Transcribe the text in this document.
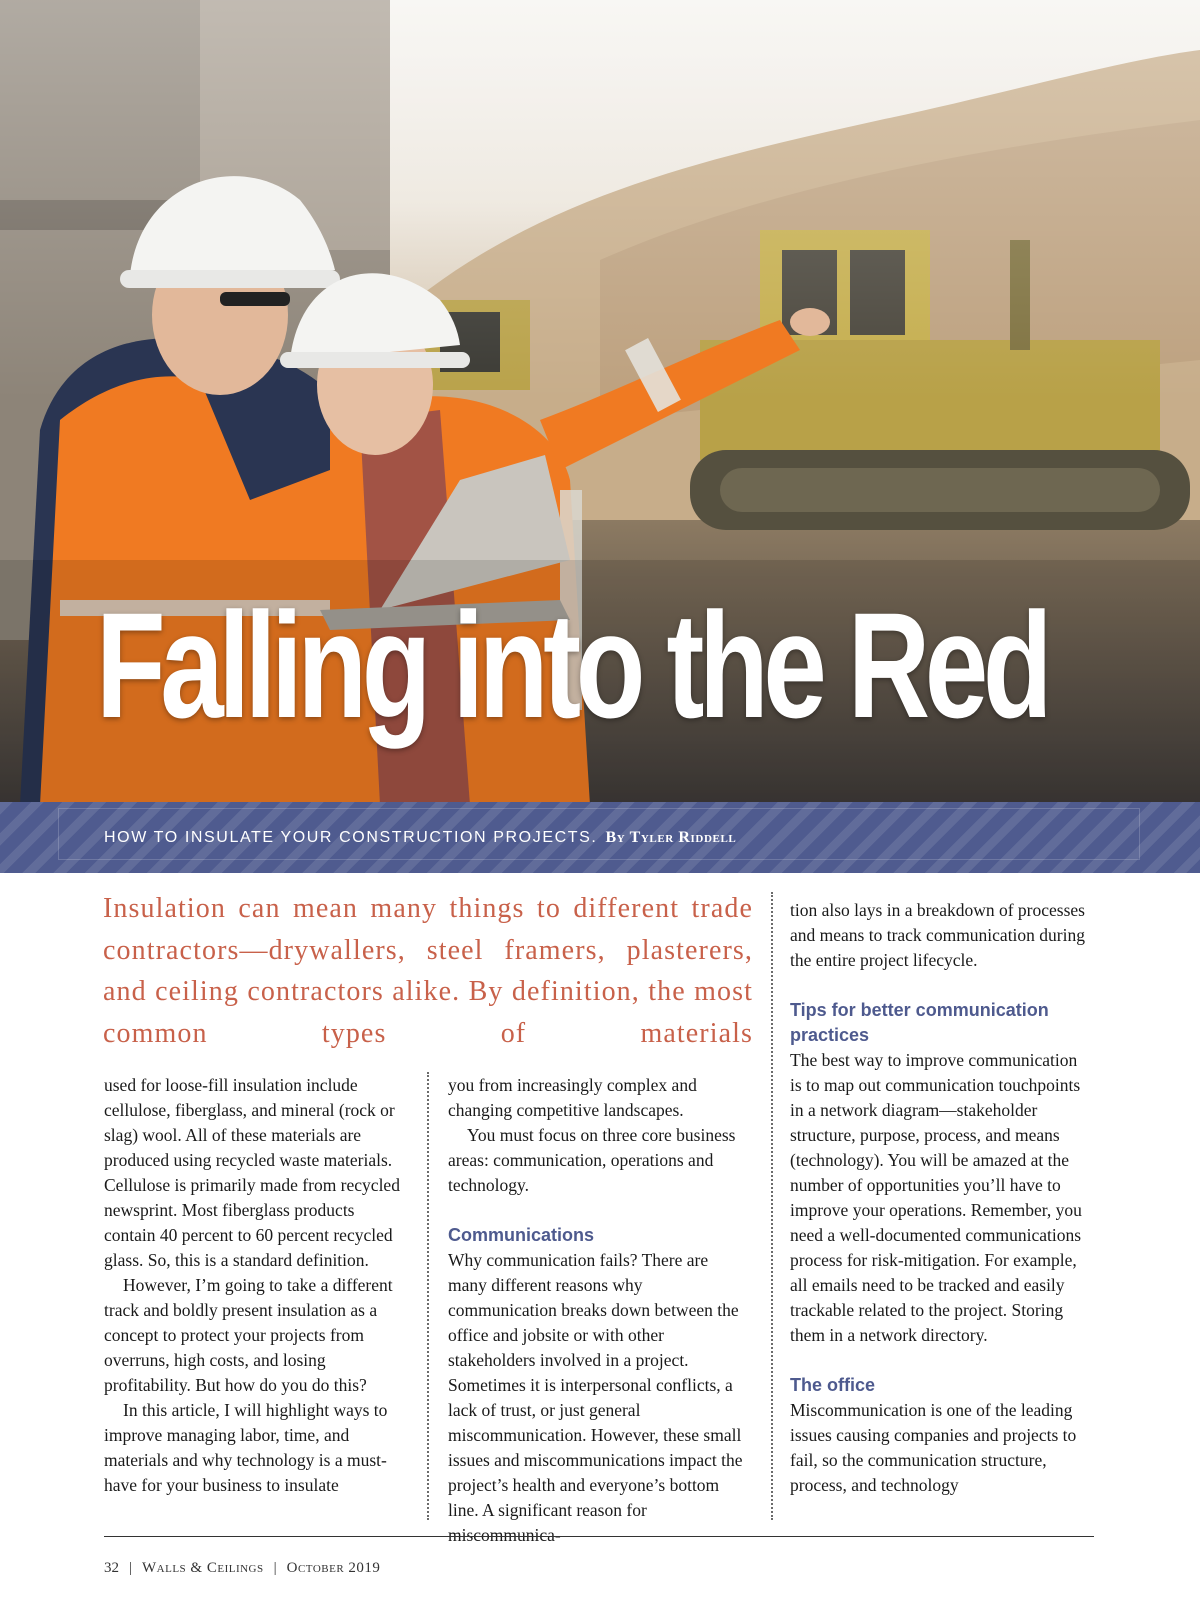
Falling into the Red

HOW TO INSULATE YOUR CONSTRUCTION PROJECTS. By Tyler Riddell

Insulation can mean many things to different trade contractors—drywallers, steel framers, plasterers, and ceiling contractors alike. By definition, the most common types of materials

used for loose-fill insulation include cellulose, fiberglass, and mineral (rock or slag) wool. All of these materials are produced using recycled waste materials. Cellulose is primarily made from recycled newsprint. Most fiberglass products contain 40 percent to 60 percent recycled glass. So, this is a standard definition.

However, I’m going to take a different track and boldly present insulation as a concept to protect your projects from overruns, high costs, and losing profitability. But how do you do this?

In this article, I will highlight ways to improve managing labor, time, and materials and why technology is a must-have for your business to insulate

you from increasingly complex and changing competitive landscapes.

You must focus on three core business areas: communication, operations and technology.

Communications

Why communication fails? There are many different reasons why communication breaks down between the office and jobsite or with other stakeholders involved in a project. Sometimes it is interpersonal conflicts, a lack of trust, or just general miscommunication. However, these small issues and miscommunications impact the project’s health and everyone’s bottom line. A significant reason for miscommunica-

tion also lays in a breakdown of processes and means to track communication during the entire project lifecycle.

Tips for better communication practices

The best way to improve communication is to map out communication touchpoints in a network diagram—stakeholder structure, purpose, process, and means (technology). You will be amazed at the number of opportunities you’ll have to improve your operations. Remember, you need a well-documented communications process for risk-mitigation. For example, all emails need to be tracked and easily trackable related to the project. Storing them in a network directory.

The office

Miscommunication is one of the leading issues causing companies and projects to fail, so the communication structure, process, and technology

32 | Walls & Ceilings | October 2019
